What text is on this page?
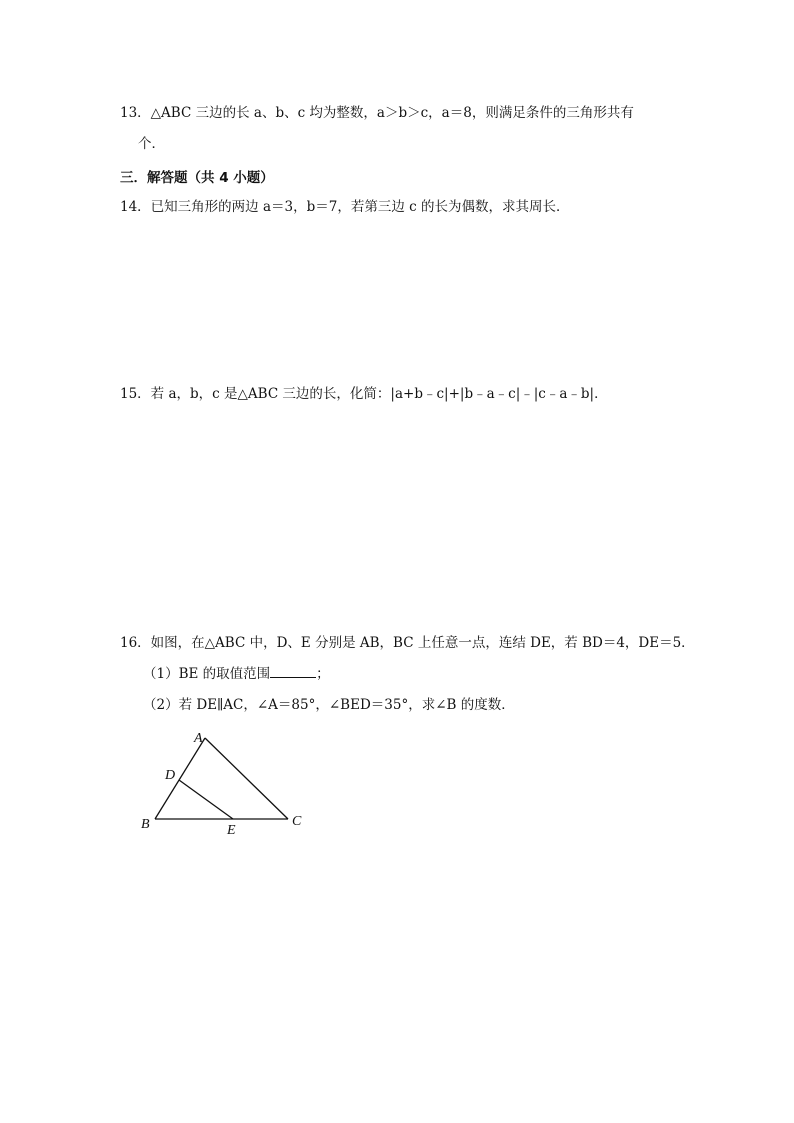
13．△ABC 三边的长 a、b、c 均为整数，a＞b＞c，a＝8，则满足条件的三角形共有
个．
三．解答题（共 4 小题）
14．已知三角形的两边 a＝3，b＝7，若第三边 c 的长为偶数，求其周长．
15．若 a，b，c 是△ABC 三边的长，化简：|a+b﹣c|+|b﹣a﹣c|﹣|c﹣a﹣b|．
16．如图，在△ABC 中，D、E 分别是 AB，BC 上任意一点，连结 DE，若 BD＝4，DE＝5．
（1）BE 的取值范围	；
（2）若 DE∥AC，∠A＝85°，∠BED＝35°，求∠B 的度数．
A
B	C
D
E
